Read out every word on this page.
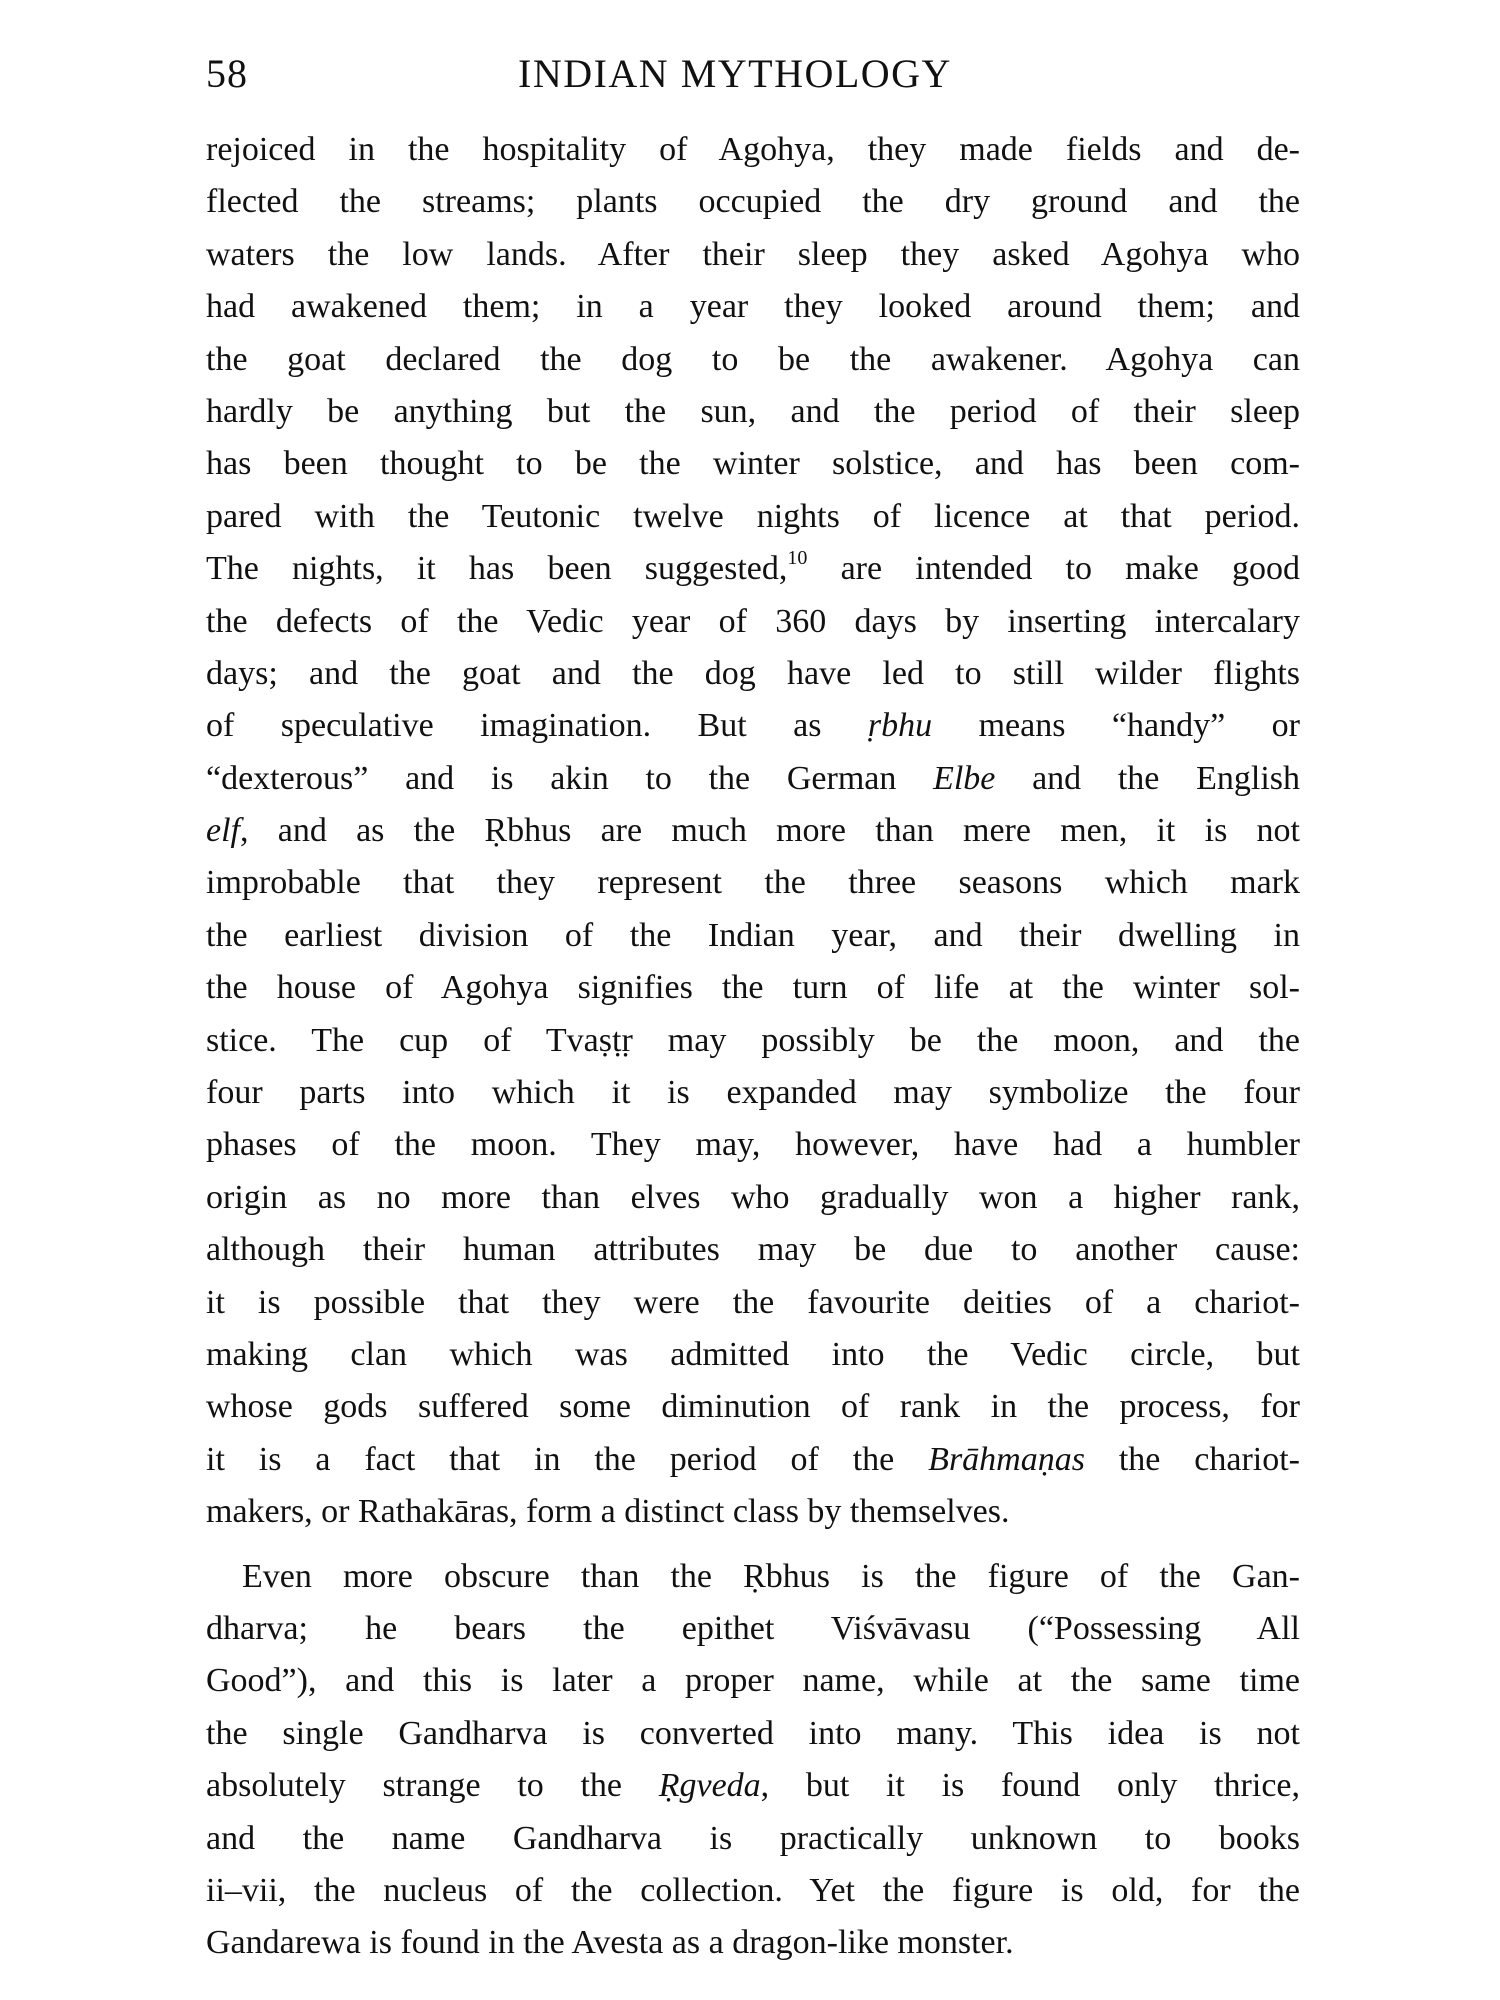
58	INDIAN MYTHOLOGY
rejoiced in the hospitality of Agohya, they made fields and de-
flected the streams; plants occupied the dry ground and the
waters the low lands. After their sleep they asked Agohya who
had awakened them; in a year they looked around them; and
the goat declared the dog to be the awakener. Agohya can
hardly be anything but the sun, and the period of their sleep
has been thought to be the winter solstice, and has been com-
pared with the Teutonic twelve nights of licence at that period.
The nights, it has been suggested,$^{10}$ are intended to make good
the defects of the Vedic year of 360 days by inserting intercalary
days; and the goat and the dog have led to still wilder flights
of speculative imagination. But as ṛbhu means “handy” or
“dexterous” and is akin to the German Elbe and the English
elf, and as the Ṛbhus are much more than mere men, it is not
improbable that they represent the three seasons which mark
the earliest division of the Indian year, and their dwelling in
the house of Agohya signifies the turn of life at the winter sol-
stice. The cup of Tvaṣṭṛ may possibly be the moon, and the
four parts into which it is expanded may symbolize the four
phases of the moon. They may, however, have had a humbler
origin as no more than elves who gradually won a higher rank,
although their human attributes may be due to another cause:
it is possible that they were the favourite deities of a chariot-
making clan which was admitted into the Vedic circle, but
whose gods suffered some diminution of rank in the process, for
it is a fact that in the period of the Brāhmaṇas the chariot-
makers, or Rathakāras, form a distinct class by themselves.
Even more obscure than the Ṛbhus is the figure of the Gan-
dharva; he bears the epithet Viśvāvasu (“Possessing All
Good”), and this is later a proper name, while at the same time
the single Gandharva is converted into many. This idea is not
absolutely strange to the Ṛgveda, but it is found only thrice,
and the name Gandharva is practically unknown to books
ii–vii, the nucleus of the collection. Yet the figure is old, for the
Gandarewa is found in the Avesta as a dragon-like monster.
